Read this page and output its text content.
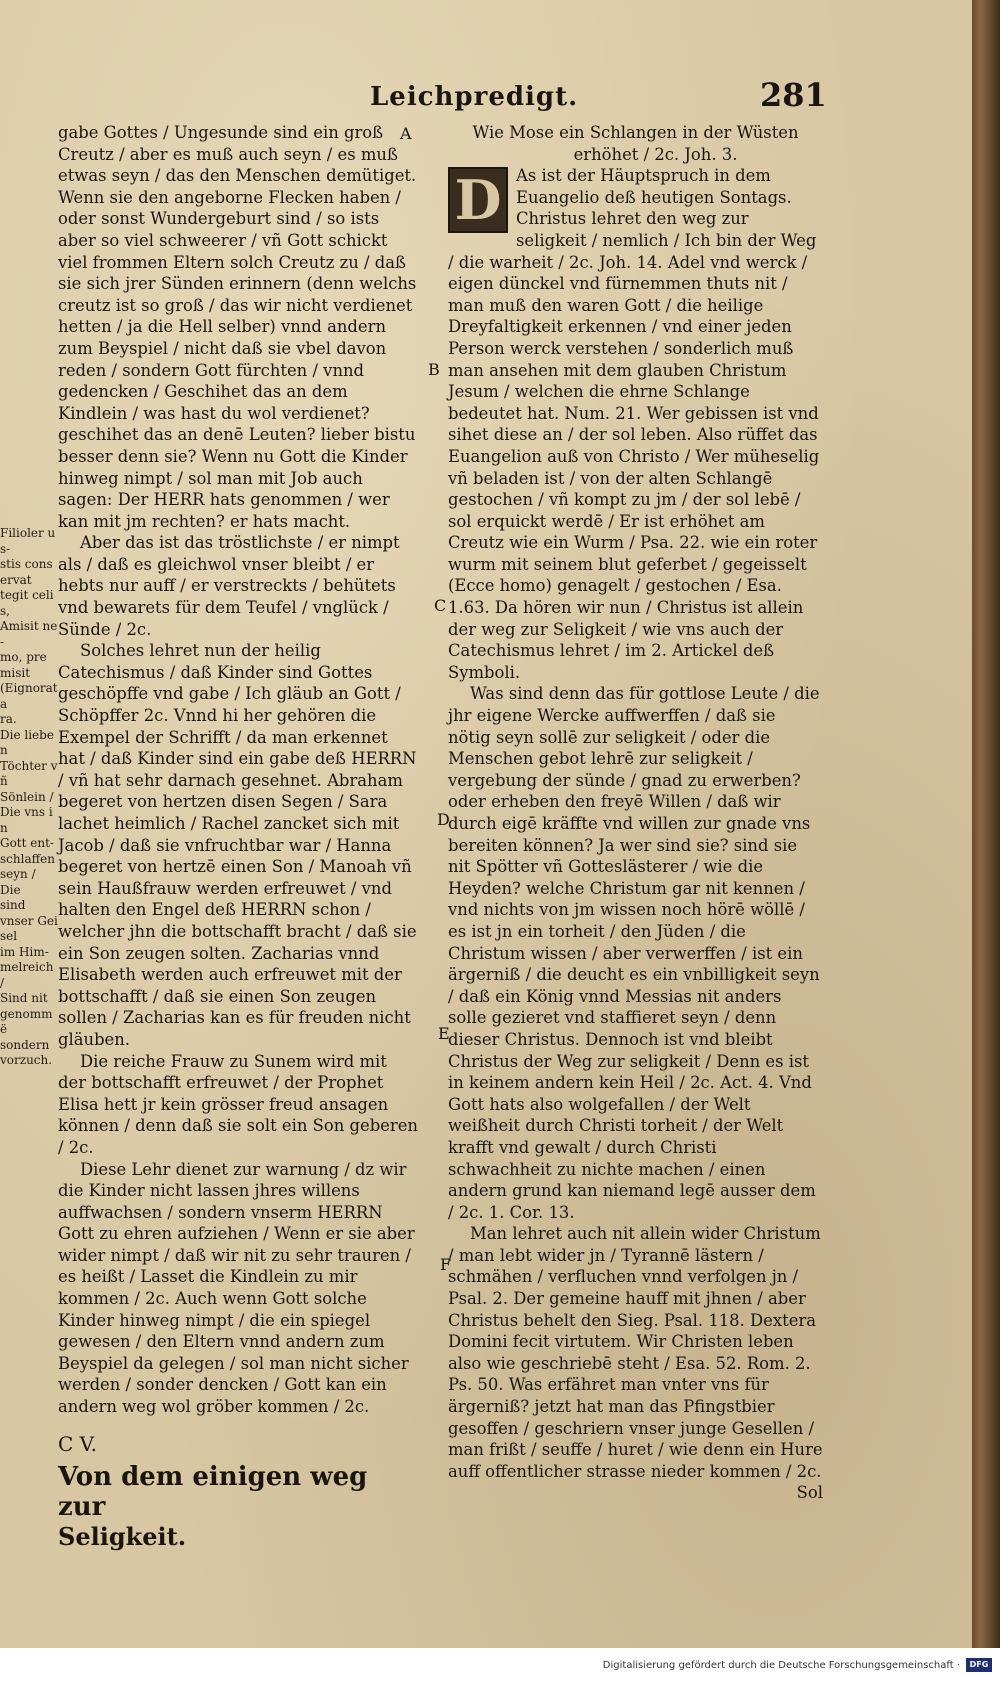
Leichpredigt.	281

Filioler us-

stis conservat

tegit celis,

Amisit ne-

mo, premisit

(Eignorata

ra.

Die lieben

Töchter vñ

Sönlein /

Die vns in

Gott ent-

schlaffen

seyn /

Die

sind

vnser Geisel

im Him-

melreich /

Sind nit

genommë

sondern

vorzuch.

gabe Gottes / Ungesunde sind ein groß Creutz / aber es muß auch seyn / es muß etwas seyn / das den Menschen demütiget. Wenn sie den angeborne Flecken haben / oder sonst Wundergeburt sind / so ists aber so viel schweerer / vñ Gott schickt viel frommen Eltern solch Creutz zu / daß sie sich jrer Sünden erinnern (denn welchs creutz ist so groß / das wir nicht verdienet hetten / ja die Hell selber) vnnd andern zum Beyspiel / nicht daß sie vbel davon reden / sondern Gott fürchten / vnnd gedencken / Geschihet das an dem Kindlein / was hast du wol verdienet? geschihet das an denē Leuten? lieber bistu besser denn sie? Wenn nu Gott die Kinder hinweg nimpt / sol man mit Job auch sagen: Der HERR hats genommen / wer kan mit jm rechten? er hats macht.

Aber das ist das tröstlichste / er nimpt als / daß es gleichwol vnser bleibt / er hebts nur auff / er verstreckts / behütets vnd bewarets für dem Teufel / vnglück / Sünde / 2c.

Solches lehret nun der heilig Catechismus / daß Kinder sind Gottes geschöpffe vnd gabe / Ich gläub an Gott / Schöpffer 2c. Vnnd hi her gehören die Exempel der Schrifft / da man erkennet hat / daß Kinder sind ein gabe deß HERRN / vñ hat sehr darnach gesehnet. Abraham begeret von hertzen disen Segen / Sara lachet heimlich / Rachel zancket sich mit Jacob / daß sie vnfruchtbar war / Hanna begeret von hertzē einen Son / Manoah vñ sein Haußfrauw werden erfreuwet / vnd halten den Engel deß HERRN schon / welcher jhn die bottschafft bracht / daß sie ein Son zeugen solten. Zacharias vnnd Elisabeth werden auch erfreuwet mit der bottschafft / daß sie einen Son zeugen sollen / Zacharias kan es für freuden nicht gläuben.

Die reiche Frauw zu Sunem wird mit der bottschafft erfreuwet / der Prophet Elisa hett jr kein grösser freud ansagen können / denn daß sie solt ein Son geberen / 2c.

Diese Lehr dienet zur warnung / dz wir die Kinder nicht lassen jhres willens auffwachsen / sondern vnserm HERRN Gott zu ehren aufziehen / Wenn er sie aber wider nimpt / daß wir nit zu sehr trauren / es heißt / Lasset die Kindlein zu mir kommen / 2c. Auch wenn Gott solche Kinder hinweg nimpt / die ein spiegel gewesen / den Eltern vnnd andern zum Beyspiel da gelegen / sol man nicht sicher werden / sonder dencken / Gott kan ein andern weg wol gröber kommen / 2c.

C V.

Von dem einigen weg zur

Seligkeit.

Wie Mose ein Schlangen in der Wüsten

erhöhet / 2c. Joh. 3.

D As ist der Häuptspruch in dem Euangelio deß heutigen Sontags. Christus lehret den weg zur seligkeit / nemlich / Ich bin der Weg / die warheit / 2c. Joh. 14. Adel vnd werck / eigen dünckel vnd fürnemmen thuts nit / man muß den waren Gott / die heilige Dreyfaltigkeit erkennen / vnd einer jeden Person werck verstehen / sonderlich muß man ansehen mit dem glauben Christum Jesum / welchen die ehrne Schlange bedeutet hat. Num. 21. Wer gebissen ist vnd sihet diese an / der sol leben. Also rüffet das Euangelion auß von Christo / Wer müheselig vñ beladen ist / von der alten Schlangē gestochen / vñ kompt zu jm / der sol lebē / sol erquickt werdē / Er ist erhöhet am Creutz wie ein Wurm / Psa. 22. wie ein roter wurm mit seinem blut geferbet / gegeisselt (Ecce homo) genagelt / gestochen / Esa. 1.63. Da hören wir nun / Christus ist allein der weg zur Seligkeit / wie vns auch der Catechismus lehret / im 2. Artickel deß Symboli.

Was sind denn das für gottlose Leute / die jhr eigene Wercke auffwerffen / daß sie nötig seyn sollē zur seligkeit / oder die Menschen gebot lehrē zur seligkeit / vergebung der sünde / gnad zu erwerben? oder erheben den freyē Willen / daß wir durch eigē kräffte vnd willen zur gnade vns bereiten können? Ja wer sind sie? sind sie nit Spötter vñ Gotteslästerer / wie die Heyden? welche Christum gar nit kennen / vnd nichts von jm wissen noch hörē wöllē / es ist jn ein torheit / den Jüden / die Christum wissen / aber verwerffen / ist ein ärgerniß / die deucht es ein vnbilligkeit seyn / daß ein König vnnd Messias nit anders solle gezieret vnd staffieret seyn / denn dieser Christus. Dennoch ist vnd bleibt Christus der Weg zur seligkeit / Denn es ist in keinem andern kein Heil / 2c. Act. 4. Vnd Gott hats also wolgefallen / der Welt weißheit durch Christi torheit / der Welt krafft vnd gewalt / durch Christi schwachheit zu nichte machen / einen andern grund kan niemand legē ausser dem / 2c. 1. Cor. 13.

Man lehret auch nit allein wider Christum / man lebt wider jn / Tyrannē lästern / schmähen / verfluchen vnnd verfolgen jn / Psal. 2. Der gemeine hauff mit jhnen / aber Christus behelt den Sieg. Psal. 118. Dextera Domini fecit virtutem. Wir Christen leben also wie geschriebē steht / Esa. 52. Rom. 2. Ps. 50. Was erfähret man vnter vns für ärgerniß? jetzt hat man das Pfingstbier gesoffen / geschriern vnser junge Gesellen / man frißt / seuffe / huret / wie denn ein Hure auff offentlicher strasse nieder kommen / 2c.

Sol

A
B
C
D
E
F
Digitalisierung gefördert durch die Deutsche Forschungsgemeinschaft ·	DFG
